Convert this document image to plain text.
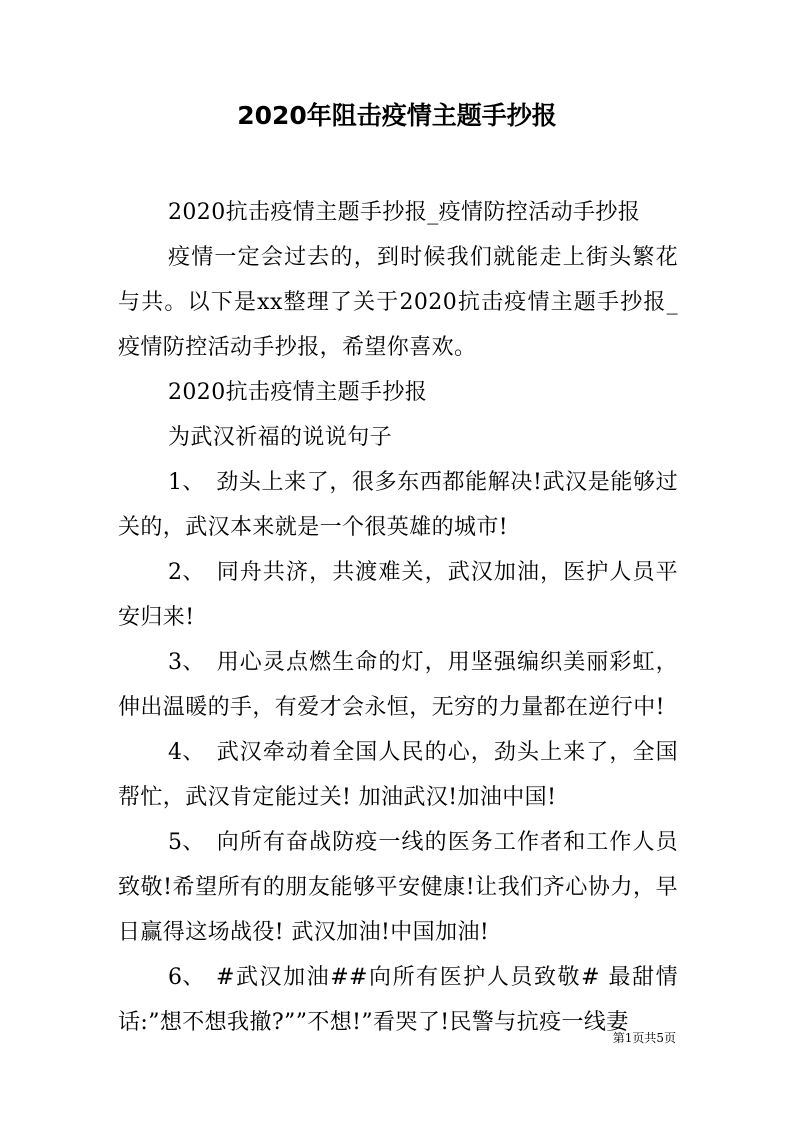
2020年阻击疫情主题手抄报

2020抗击疫情主题手抄报_疫情防控活动手抄报

疫情一定会过去的，到时候我们就能走上街头繁花与共。以下是xx整理了关于2020抗击疫情主题手抄报_疫情防控活动手抄报，希望你喜欢。

2020抗击疫情主题手抄报

为武汉祈福的说说句子

1、 劲头上来了，很多东西都能解决!武汉是能够过关的，武汉本来就是一个很英雄的城市!

2、 同舟共济，共渡难关，武汉加油，医护人员平安归来!

3、 用心灵点燃生命的灯，用坚强编织美丽彩虹，伸出温暖的手，有爱才会永恒，无穷的力量都在逆行中!

4、 武汉牵动着全国人民的心，劲头上来了，全国帮忙，武汉肯定能过关! 加油武汉!加油中国!

5、 向所有奋战防疫一线的医务工作者和工作人员致敬!希望所有的朋友能够平安健康!让我们齐心协力，早日赢得这场战役! 武汉加油!中国加油!

6、 #武汉加油##向所有医护人员致敬# 最甜情话:”想不想我撤?””不想!”看哭了!民警与抗疫一线妻

第1页共5页
